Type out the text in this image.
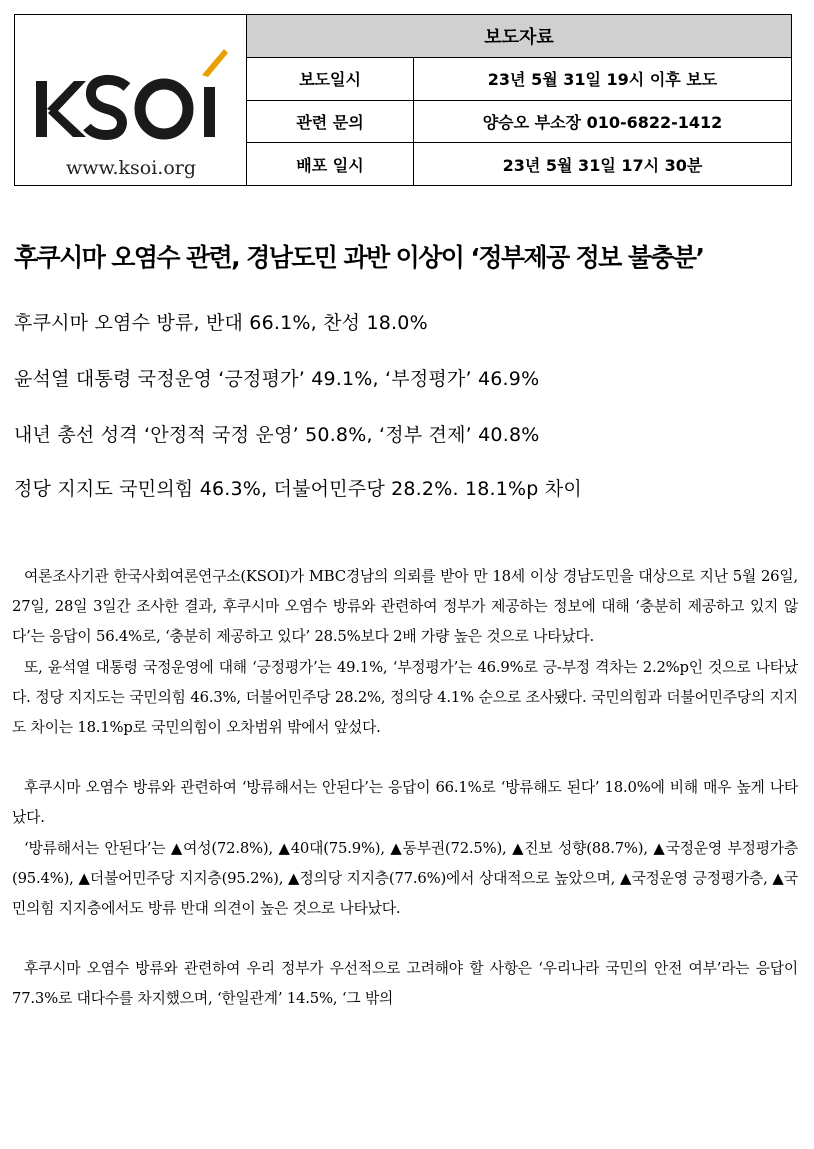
www.ksoi.org
보도자료
보도일시	23년 5월 31일 19시 이후 보도
관련 문의	양승오 부소장 010-6822-1412
배포 일시	23년 5월 31일 17시 30분
후쿠시마 오염수 관련, 경남도민 과반 이상이 ‘정부제공 정보 불충분’
후쿠시마 오염수 방류, 반대 66.1%, 찬성 18.0%
윤석열 대통령 국정운영 ‘긍정평가’ 49.1%, ‘부정평가’ 46.9%
내년 총선 성격 ‘안정적 국정 운영’ 50.8%, ‘정부 견제’ 40.8%
정당 지지도 국민의힘 46.3%, 더불어민주당 28.2%. 18.1%p 차이

여론조사기관 한국사회여론연구소(KSOI)가 MBC경남의 의뢰를 받아 만 18세 이상 경남도민을 대상으로 지난 5월 26일, 27일, 28일 3일간 조사한 결과, 후쿠시마 오염수 방류와 관련하여 정부가 제공하는 정보에 대해 ‘충분히 제공하고 있지 않다’는 응답이 56.4%로, ‘충분히 제공하고 있다’ 28.5%보다 2배 가량 높은 것으로 나타났다.

또, 윤석열 대통령 국정운영에 대해 ‘긍정평가’는 49.1%, ‘부정평가’는 46.9%로 긍-부정 격차는 2.2%p인 것으로 나타났다. 정당 지지도는 국민의힘 46.3%, 더불어민주당 28.2%, 정의당 4.1% 순으로 조사됐다. 국민의힘과 더불어민주당의 지지도 차이는 18.1%p로 국민의힘이 오차범위 밖에서 앞섰다.

후쿠시마 오염수 방류와 관련하여 ‘방류해서는 안된다’는 응답이 66.1%로 ‘방류해도 된다’ 18.0%에 비해 매우 높게 나타났다.

‘방류해서는 안된다’는 ▲여성(72.8%), ▲40대(75.9%), ▲동부권(72.5%), ▲진보 성향(88.7%), ▲국정운영 부정평가층(95.4%), ▲더불어민주당 지지층(95.2%), ▲정의당 지지층(77.6%)에서 상대적으로 높았으며, ▲국정운영 긍정평가층, ▲국민의힘 지지층에서도 방류 반대 의견이 높은 것으로 나타났다.

후쿠시마 오염수 방류와 관련하여 우리 정부가 우선적으로 고려해야 할 사항은 ‘우리나라 국민의 안전 여부’라는 응답이 77.3%로 대다수를 차지했으며, ‘한일관계’ 14.5%, ‘그 밖의
